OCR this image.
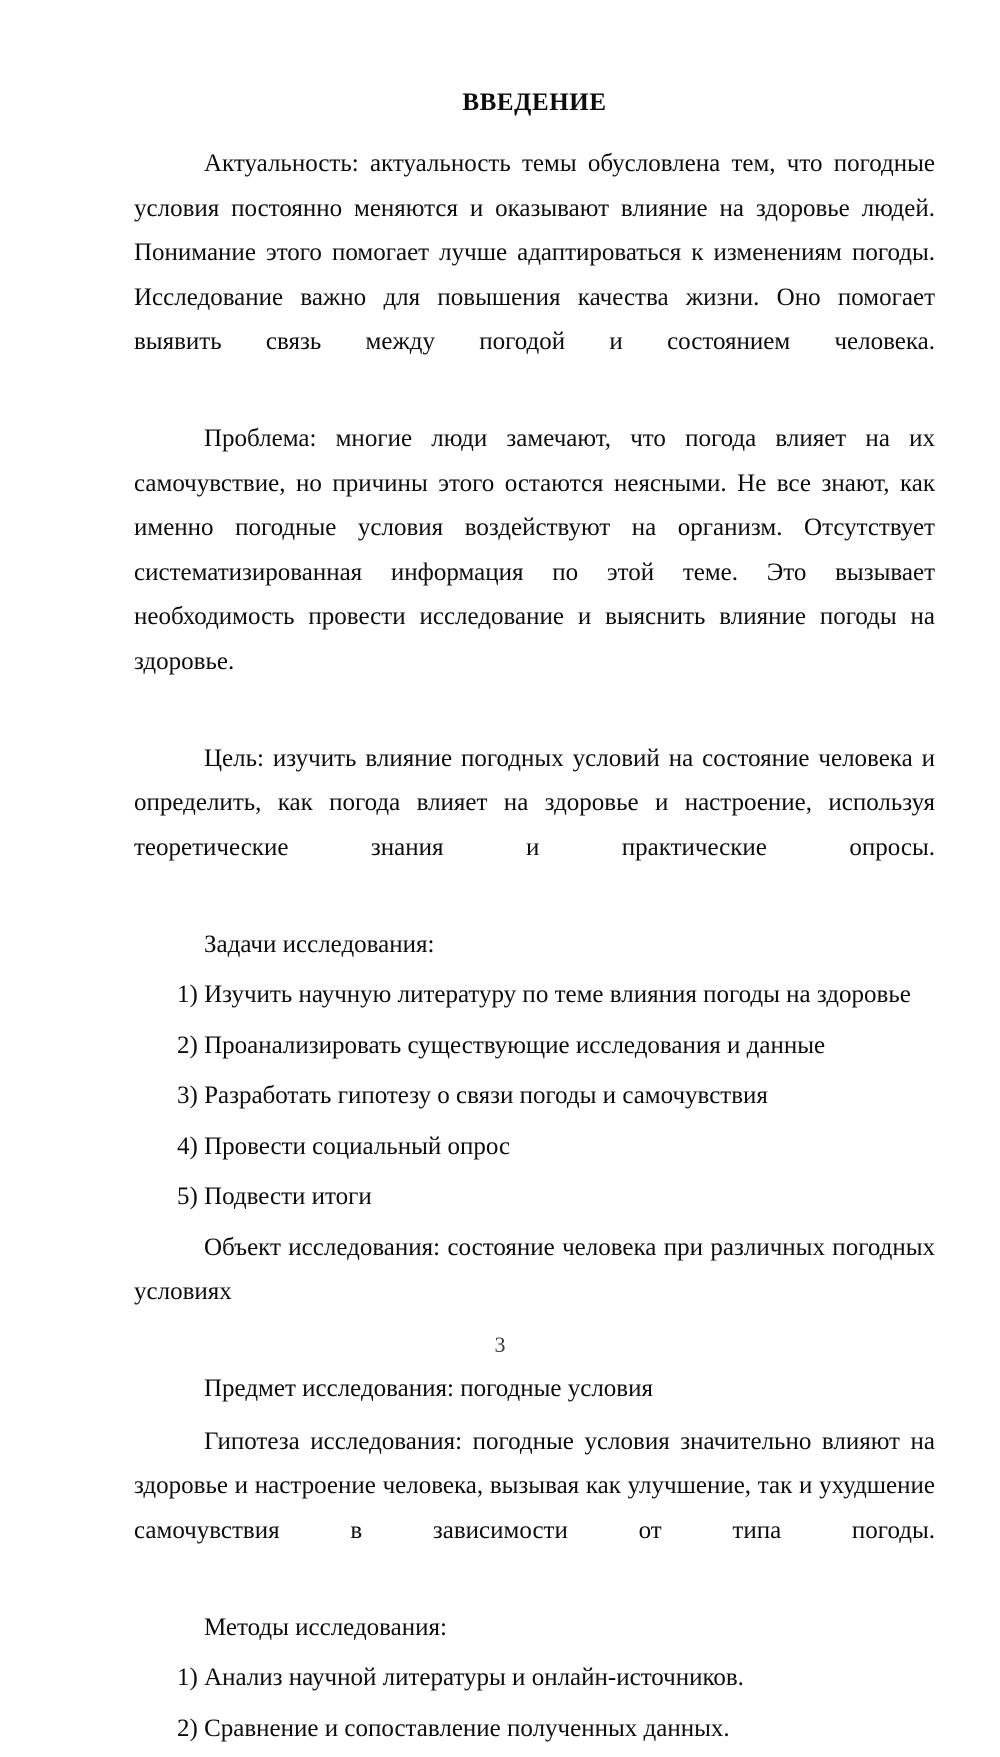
ВВЕДЕНИЕ

Актуальность: актуальность темы обусловлена тем, что погодные условия постоянно меняются и оказывают влияние на здоровье людей. Понимание этого помогает лучше адаптироваться к изменениям погоды. Исследование важно для повышения качества жизни. Оно помогает выявить связь между погодой и состоянием человека.

Проблема: многие люди замечают, что погода влияет на их самочувствие, но причины этого остаются неясными. Не все знают, как именно погодные условия воздействуют на организм. Отсутствует систематизированная информация по этой теме. Это вызывает необходимость провести исследование и выяснить влияние погоды на здоровье.

Цель: изучить влияние погодных условий на состояние человека и определить, как погода влияет на здоровье и настроение, используя теоретические знания и практические опросы.

Задачи исследования:

1) Изучить научную литературу по теме влияния погоды на здоровье
2) Проанализировать существующие исследования и данные
3) Разработать гипотезу о связи погоды и самочувствия
4) Провести социальный опрос
5) Подвести итоги

Объект исследования: состояние человека при различных погодных условиях

Предмет исследования: погодные условия

Гипотеза исследования: погодные условия значительно влияют на здоровье и настроение человека, вызывая как улучшение, так и ухудшение самочувствия в зависимости от типа погоды.

Методы исследования:

1) Анализ научной литературы и онлайн-источников.
2) Сравнение и сопоставление полученных данных.
3
